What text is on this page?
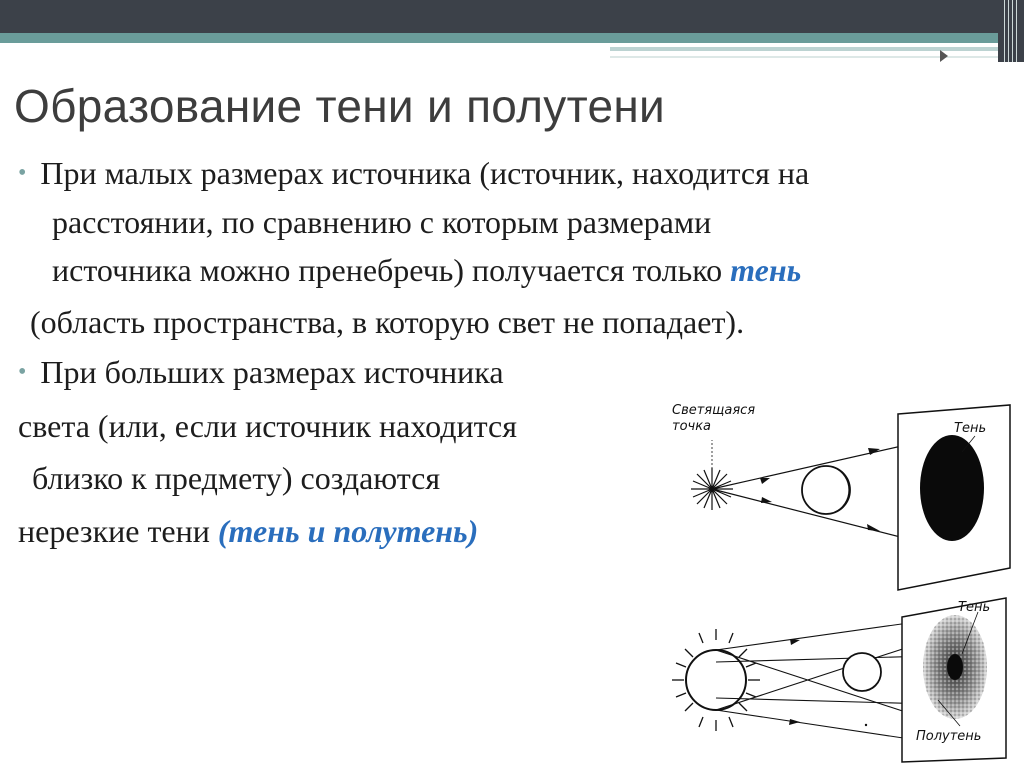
Образование тени и полутени

• При малых размерах источника (источник, находится на

расстоянии, по сравнению с которым размерами

источника можно пренебречь) получается только тень

(область пространства, в которую свет не попадает).

• При больших размерах источника

света (или, если источник находится

близко к предмету) создаются

нерезкие тени (тень и полутень)

Светящаяся
точка	Тень
Тень
Полутень
